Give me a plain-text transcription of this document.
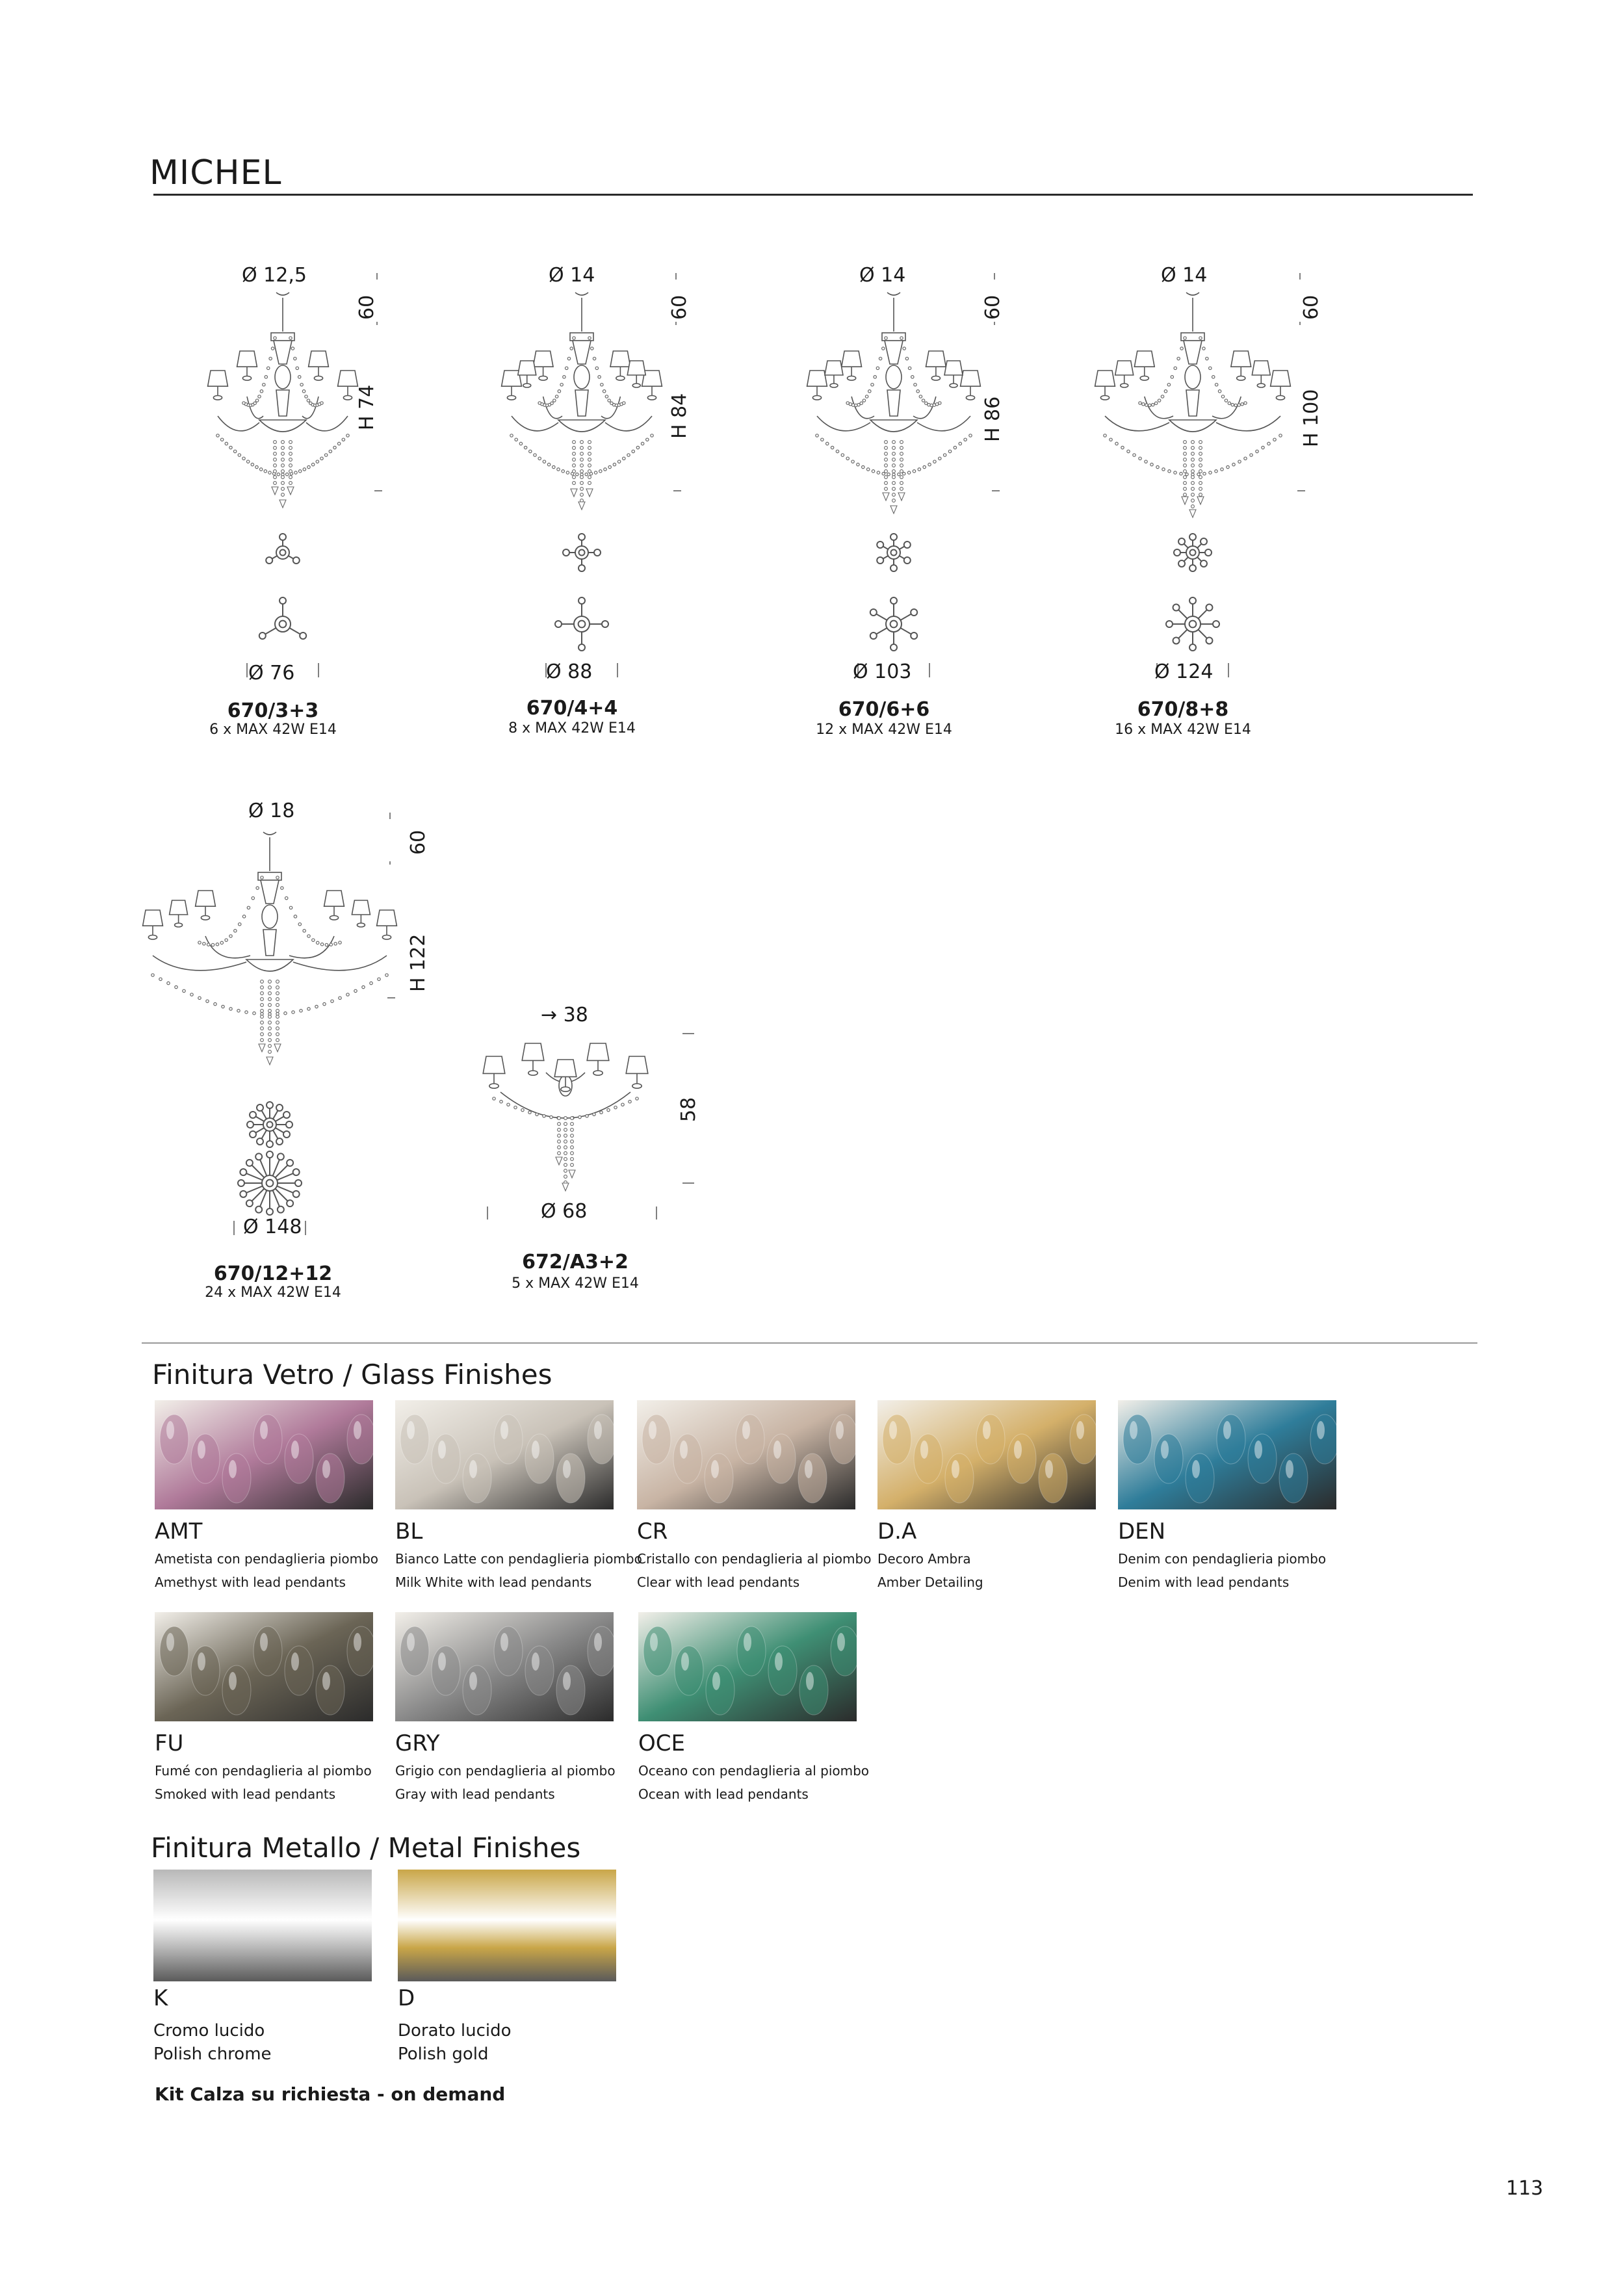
MICHEL
Ø 12,5
60
H 74
Ø 76
670/3+3
6 x MAX 42W E14
Ø 14
60
H 84
Ø 88
670/4+4
8 x MAX 42W E14
Ø 14
60
H 86
Ø 103
670/6+6
12 x MAX 42W E14
Ø 14
60
H 100
Ø 124
670/8+8
16 x MAX 42W E14
Ø 18
60
H 122
Ø 148
670/12+12
24 x MAX 42W E14
→ 38
58
Ø 68
672/A3+2
5 x MAX 42W E14
Finitura Vetro / Glass Finishes
AMT
Ametista con pendaglieria piombo
Amethyst with lead pendants
BL
Bianco Latte con pendaglieria piombo
Milk White with lead pendants
CR
Cristallo con pendaglieria al piombo
Clear with lead pendants
D.A
Decoro Ambra
Amber Detailing
DEN
Denim con pendaglieria piombo
Denim with lead pendants
FU
Fumé con pendaglieria al piombo
Smoked with lead pendants
GRY
Grigio con pendaglieria al piombo
Gray with lead pendants
OCE
Oceano con pendaglieria al piombo
Ocean with lead pendants
Finitura Metallo / Metal Finishes
K
Cromo lucido
Polish chrome
D
Dorato lucido
Polish gold
Kit Calza su richiesta - on demand
113
